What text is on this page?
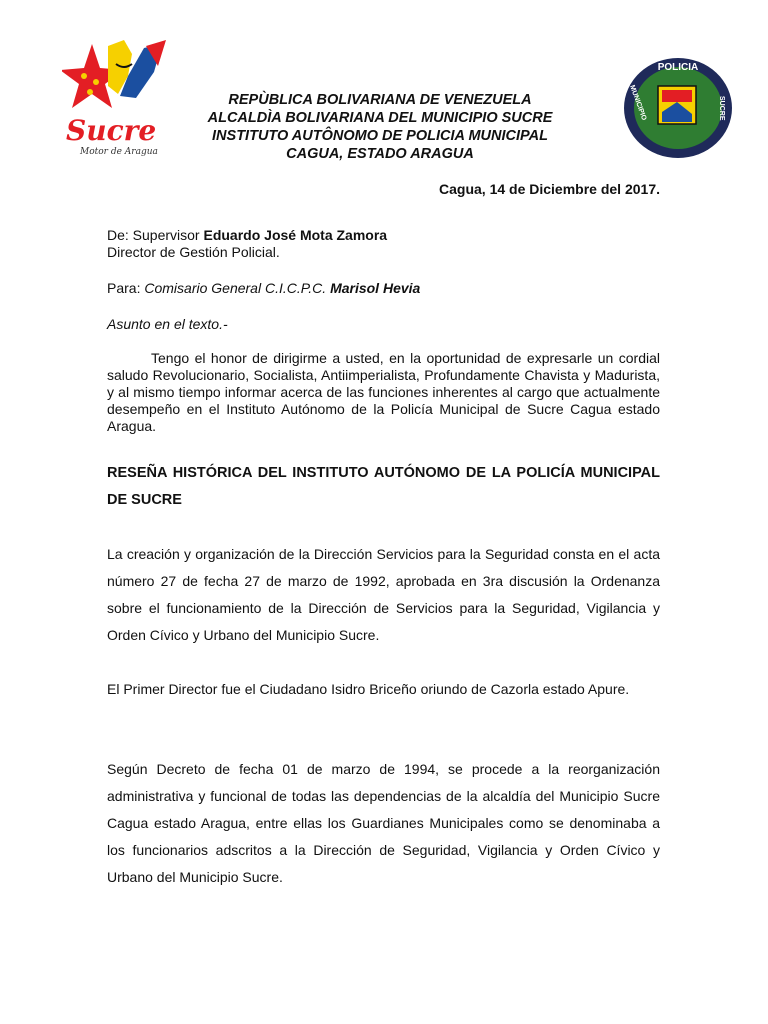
Sucre
Motor de Aragua
POLICIA
MUNICIPIO	SUCRE
REPÙBLICA BOLIVARIANA DE VENEZUELA
ALCALDÌA BOLIVARIANA DEL MUNICIPIO SUCRE
INSTITUTO AUTÔNOMO DE POLICIA MUNICIPAL
CAGUA, ESTADO ARAGUA
Cagua, 14 de Diciembre del 2017.
De: Supervisor Eduardo José Mota Zamora
Director de Gestión Policial.
Para: Comisario General C.I.C.P.C. Marisol Hevia
Asunto en el texto.-
Tengo el honor de dirigirme a usted, en la oportunidad de expresarle un cordial saludo Revolucionario, Socialista, Antiimperialista, Profundamente Chavista y Madurista, y al mismo tiempo informar acerca de las funciones inherentes al cargo que actualmente desempeño en el Instituto Autónomo de la Policía Municipal de Sucre Cagua estado Aragua.
RESEÑA HISTÓRICA DEL INSTITUTO AUTÓNOMO DE LA POLICÍA MUNICIPAL DE SUCRE
La creación y organización de la Dirección Servicios para la Seguridad consta en el acta número 27 de fecha 27 de marzo de 1992, aprobada en 3ra discusión la Ordenanza sobre el funcionamiento de la Dirección de Servicios para la Seguridad, Vigilancia y Orden Cívico y Urbano del Municipio Sucre.
El Primer Director fue el Ciudadano Isidro Briceño oriundo de Cazorla estado Apure.
Según Decreto de fecha 01 de marzo de 1994, se procede a la reorganización administrativa y funcional de todas las dependencias de la alcaldía del Municipio Sucre Cagua estado Aragua, entre ellas los Guardianes Municipales como se denominaba a los funcionarios adscritos a la Dirección de Seguridad, Vigilancia y Orden Cívico y Urbano del Municipio Sucre.
